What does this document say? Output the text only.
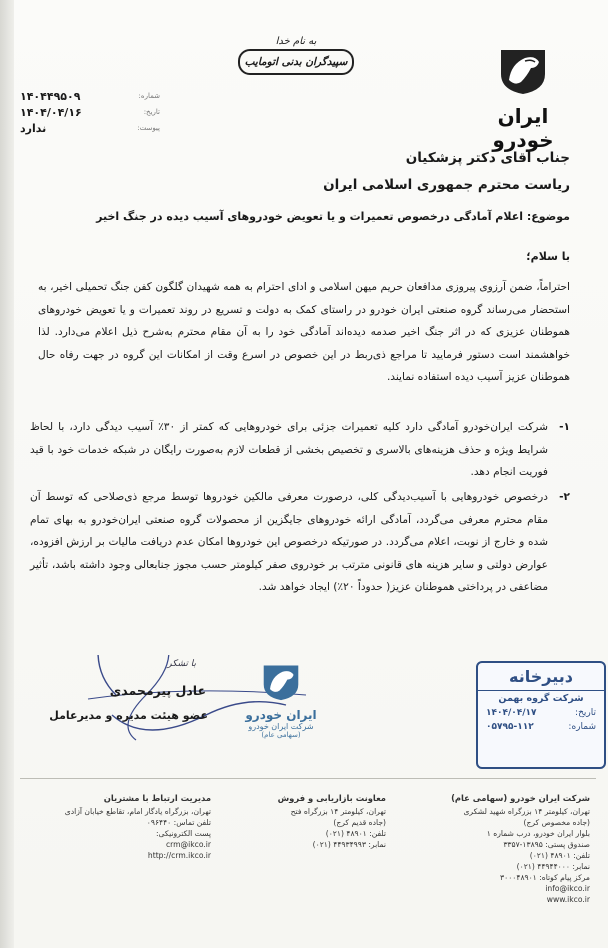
ایران خودرو
به نام خدا
سپیدگران بدنی اتومایب
شماره:
۱۴۰۴۴۹۵۰۹
تاریخ:
۱۴۰۴/۰۴/۱۶
پیوست:
ندارد
جناب آقای دکتر پزشکیان
ریاست محترم جمهوری اسلامی ایران
موضوع: اعلام آمادگی درخصوص تعمیرات و یا تعویض خودروهای آسیب دیده در جنگ اخیر
با سلام؛
احتراماً، ضمن آرزوی پیروزی مدافعان حریم میهن اسلامی و ادای احترام به همه شهیدان گلگون کفن جنگ تحمیلی اخیر، به استحضار می‌رساند گروه صنعتی ایران خودرو در راستای کمک به دولت و تسریع در روند تعمیرات و یا تعویض خودروهای هموطنان عزیزی که در اثر جنگ اخیر صدمه دیده‌اند آمادگی خود را به آن مقام محترم به‌شرح ذیل اعلام می‌دارد. لذا خواهشمند است دستور فرمایید تا مراجع ذی‌ربط در این خصوص در اسرع وقت از امکانات این گروه در جهت رفاه حال هموطنان عزیز آسیب دیده استفاده نمایند.
۱-
شرکت ایران‌خودرو آمادگی دارد کلیه تعمیرات جزئی برای خودروهایی که کمتر از ۳۰٪ آسیب دیدگی دارد، با لحاظ شرایط ویژه و حذف هزینه‌های بالاسری و تخصیص بخشی از قطعات لازم به‌صورت رایگان در شبکه خدمات خود با قید فوریت انجام دهد.
۲-
درخصوص خودروهایی با آسیب‌دیدگی کلی، درصورت معرفی مالکین خودروها توسط مرجع ذی‌صلاحی که توسط آن مقام محترم معرفی می‌گردد، آمادگی ارائه خودروهای جایگزین از محصولات گروه صنعتی ایران‌خودرو به بهای تمام شده و خارج از نوبت، اعلام می‌گردد. در صورتیکه درخصوص این خودروها امکان عدم دریافت مالیات بر ارزش افزوده، عوارض دولتی و سایر هزینه های قانونی مترتب بر خودروی صفر کیلومتر حسب مجوز جنابعالی وجود داشته باشد، تأثیر مضاعفی در پرداختی هموطنان عزیز( حدوداً ۲۰٪) ایجاد خواهد شد.
با تشکر
عادل پیرمحمدی
عضو هیئت مدیره و مدیرعامل	ایران خودرو
شرکت ایران خودرو
(سهامی عام)
دبیرخانه
شرکت گروه بهمن
تاریخ:
۱۴۰۴/۰۴/۱۷
شماره:
۰۵۷۹۵-۱۱۲
شرکت ایران خودرو (سهامی عام)
تهران، کیلومتر ۱۴ بزرگراه شهید لشکری
(جاده مخصوص کرج)
بلوار ایران خودرو، درب شماره ۱
صندوق پستی: ۱۳۸۹۵-۳۳۵۷
تلفن: ۴۸۹۰۱ (۰۲۱)
نمابر: ۴۴۹۴۴۰۰۰ (۰۲۱)
مرکز پیام کوتاه: ۳۰۰۰۴۸۹۰۱
info@ikco.ir
www.ikco.ir
معاونت بازاریابی و فروش
تهران، کیلومتر ۱۴ بزرگراه فتح
(جاده قدیم کرج)
تلفن: ۴۸۹۰۱ (۰۲۱)
نمابر: ۴۴۹۳۴۹۹۳ (۰۲۱)
مدیریت ارتباط با مشتریان
تهران، بزرگراه یادگار امام، تقاطع خیابان آزادی
تلفن تماس: ۰۹۶۴۴۰
پست الکترونیکی:
crm@ikco.ir
http://crm.ikco.ir
